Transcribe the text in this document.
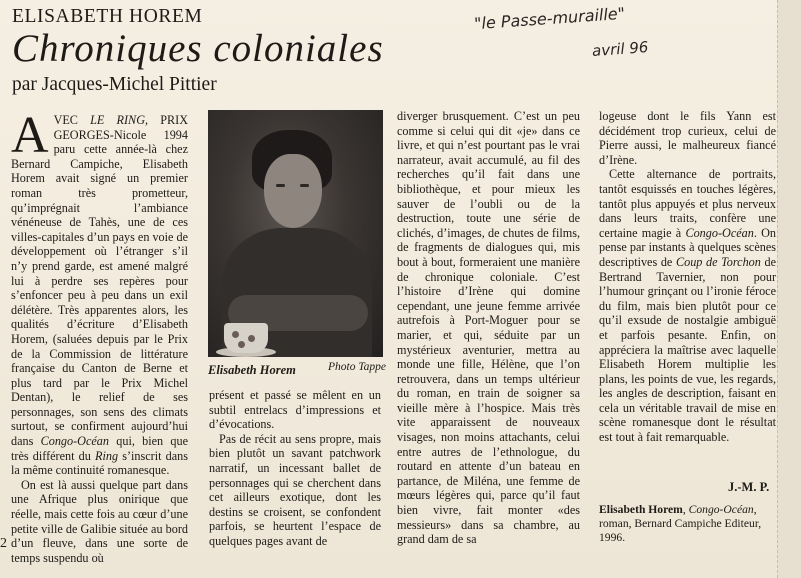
ELISABETH HOREM
Chroniques coloniales
par Jacques-Michel Pittier
"le Passe-muraille"
avril 96

AVEC LE RING, PRIX GEORGES-Nicole 1994 paru cette année-là chez Bernard Campiche, Elisabeth Horem avait signé un premier roman très prometteur, qu’imprégnait l’ambiance vénéneuse de Tahès, une de ces villes-capitales d’un pays en voie de développement où l’étranger s’il n’y prend garde, est amené malgré lui à perdre ses repères pour s’enfoncer peu à peu dans un exil délétère. Très apparentes alors, les qualités d’écriture d’Elisabeth Horem, (saluées depuis par le Prix de la Commission de littérature française du Canton de Berne et plus tard par le Prix Michel Dentan), le relief de ses personnages, son sens des climats surtout, se confirment aujourd’hui dans Congo-Océan qui, bien que très différent du Ring s’inscrit dans la même continuité romanesque.

On est là aussi quelque part dans une Afrique plus onirique que réelle, mais cette fois au cœur d’une petite ville de Galibie située au bord d’un fleuve, dans une sorte de temps suspendu où

Elisabeth Horem	Photo Tappe

présent et passé se mêlent en un subtil entrelacs d’impressions et d’évocations.

Pas de récit au sens propre, mais bien plutôt un savant patchwork narratif, un incessant ballet de personnages qui se cherchent dans cet ailleurs exotique, dont les destins se croisent, se confondent parfois, se heurtent l’espace de quelques pages avant de

diverger brusquement. C’est un peu comme si celui qui dit «je» dans ce livre, et qui n’est pourtant pas le vrai narrateur, avait accumulé, au fil des recherches qu’il fait dans une bibliothèque, et pour mieux les sauver de l’oubli ou de la destruction, toute une série de clichés, d’images, de chutes de films, de fragments de dialogues qui, mis bout à bout, formeraient une manière de chronique coloniale. C’est l’histoire d’Irène qui domine cependant, une jeune femme arrivée autrefois à Port-Moguer pour se marier, et qui, séduite par un mystérieux aventurier, mettra au monde une fille, Hélène, que l’on retrouvera, dans un temps ultérieur du roman, en train de soigner sa vieille mère à l’hospice. Mais très vite apparaissent de nouveaux visages, non moins attachants, celui entre autres de l’ethnologue, du routard en attente d’un bateau en partance, de Miléna, une femme de mœurs légères qui, parce qu’il faut bien vivre, fait monter «des messieurs» dans sa chambre, au grand dam de sa

logeuse dont le fils Yann est décidément trop curieux, celui de Pierre aussi, le malheureux fiancé d’Irène.

Cette alternance de portraits, tantôt esquissés en touches légères, tantôt plus appuyés et plus nerveux dans leurs traits, confère une certaine magie à Congo-Océan. On pense par instants à quelques scènes descriptives de Coup de Torchon de Bertrand Tavernier, non pour l’humour grinçant ou l’ironie féroce du film, mais bien plutôt pour ce qu’il exsude de nostalgie ambiguë et parfois pesante. Enfin, on appréciera la maîtrise avec laquelle Elisabeth Horem multiplie les plans, les points de vue, les regards, les angles de description, faisant en cela un véritable travail de mise en scène romanesque dont le résultat est tout à fait remarquable.

J.-M. P.
Elisabeth Horem, Congo-Océan, roman, Bernard Campiche Editeur, 1996.
2
